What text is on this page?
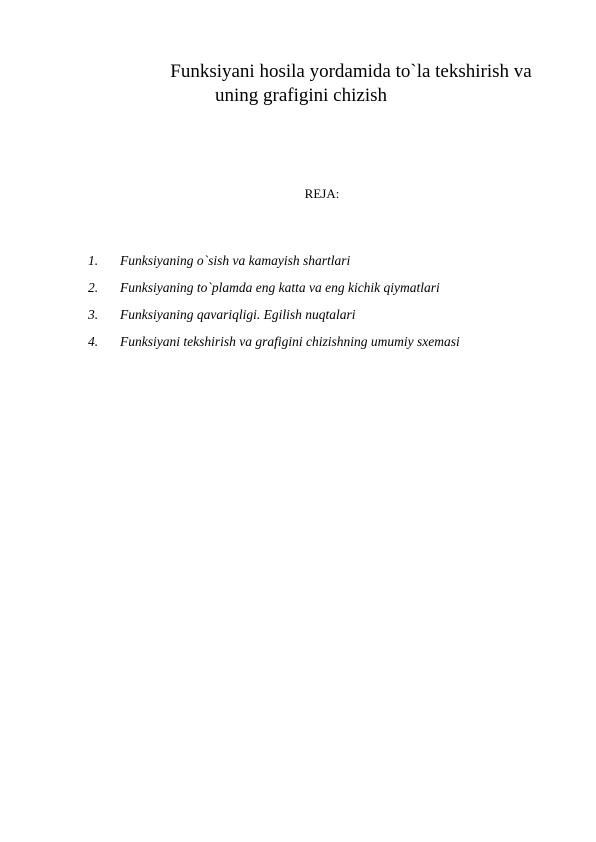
Funksiyani hosila yordamida to`la tekshirish va
uning grafigini chizish
REJA:
1.	Funksiyaning o`sish va kamayish shartlari
2.	Funksiyaning to`plamda eng katta va eng kichik qiymatlari
3.	Funksiyaning qavariqligi. Egilish nuqtalari
4.	Funksiyani tekshirish va grafigini chizishning umumiy sxemasi
